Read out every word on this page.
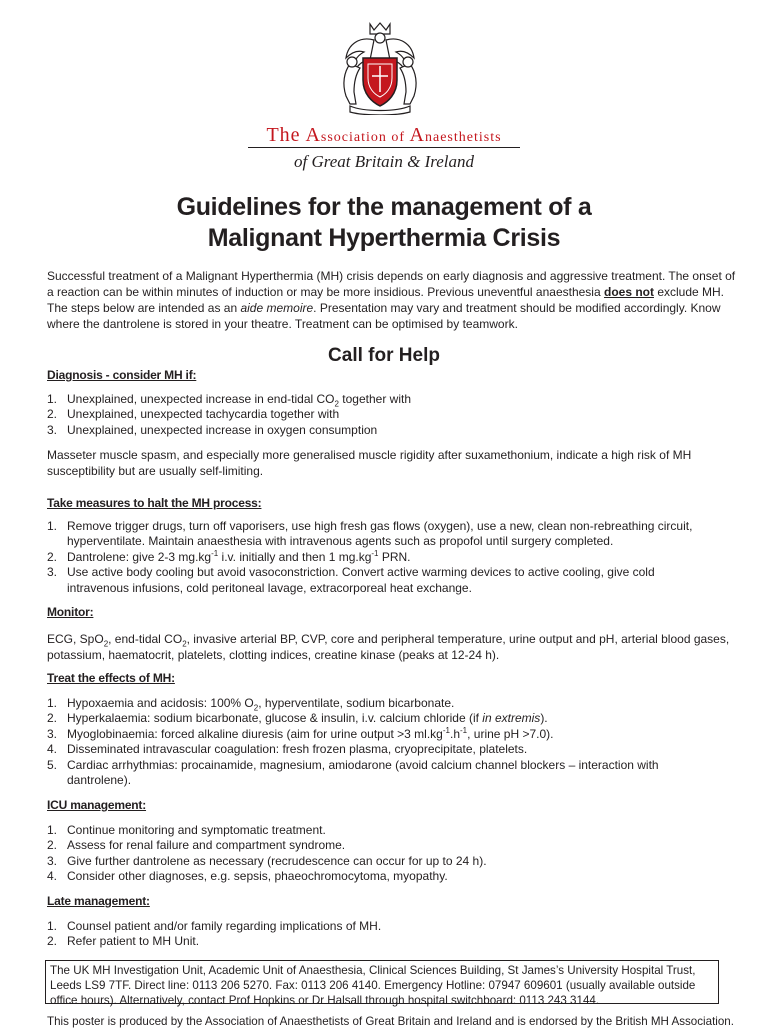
The Association of Anaesthetists
of Great Britain & Ireland
Guidelines for the management of a
Malignant Hyperthermia Crisis
Successful treatment of a Malignant Hyperthermia (MH) crisis depends on early diagnosis and aggressive treatment. The onset of a reaction can be within minutes of induction or may be more insidious. Previous uneventful anaesthesia does not exclude MH. The steps below are intended as an aide memoire. Presentation may vary and treatment should be modified accordingly. Know where the dantrolene is stored in your theatre. Treatment can be optimised by teamwork.
Call for Help
Diagnosis - consider MH if:
1. Unexplained, unexpected increase in end-tidal $CO_2$ together with
2. Unexplained, unexpected tachycardia together with
3. Unexplained, unexpected increase in oxygen consumption
Masseter muscle spasm, and especially more generalised muscle rigidity after suxamethonium, indicate a high risk of MH susceptibility but are usually self-limiting.
Take measures to halt the MH process:
1. Remove trigger drugs, turn off vaporisers, use high fresh gas flows (oxygen), use a new, clean non-rebreathing circuit, hyperventilate. Maintain anaesthesia with intravenous agents such as propofol until surgery completed.
2. Dantrolene: give 2-3 $mg.kg^{-1}$ i.v. initially and then 1 $mg.kg^{-1}$ PRN.
3. Use active body cooling but avoid vasoconstriction. Convert active warming devices to active cooling, give cold intravenous infusions, cold peritoneal lavage, extracorporeal heat exchange.
Monitor:
ECG, SpO$_2$, end-tidal $CO_2$, invasive arterial BP, CVP, core and peripheral temperature, urine output and pH, arterial blood gases, potassium, haematocrit, platelets, clotting indices, creatine kinase (peaks at 12-24 h).
Treat the effects of MH:
1. Hypoxaemia and acidosis: 100% $O_2$, hyperventilate, sodium bicarbonate.
2. Hyperkalaemia: sodium bicarbonate, glucose & insulin, i.v. calcium chloride (if in extremis).
3. Myoglobinaemia: forced alkaline diuresis (aim for urine output >3 $ml.kg^{-1}.h^{-1}$, urine pH >7.0).
4. Disseminated intravascular coagulation: fresh frozen plasma, cryoprecipitate, platelets.
5. Cardiac arrhythmias: procainamide, magnesium, amiodarone (avoid calcium channel blockers – interaction with dantrolene).
ICU management:
1. Continue monitoring and symptomatic treatment.
2. Assess for renal failure and compartment syndrome.
3. Give further dantrolene as necessary (recrudescence can occur for up to 24 h).
4. Consider other diagnoses, e.g. sepsis, phaeochromocytoma, myopathy.
Late management:
1. Counsel patient and/or family regarding implications of MH.
2. Refer patient to MH Unit.
The UK MH Investigation Unit, Academic Unit of Anaesthesia, Clinical Sciences Building, St James’s University Hospital Trust, Leeds LS9 7TF. Direct line: 0113 206 5270. Fax: 0113 206 4140. Emergency Hotline: 07947 609601 (usually available outside office hours). Alternatively, contact Prof Hopkins or Dr Halsall through hospital switchboard: 0113 243 3144.
This poster is produced by the Association of Anaesthetists of Great Britain and Ireland and is endorsed by the British MH Association.
